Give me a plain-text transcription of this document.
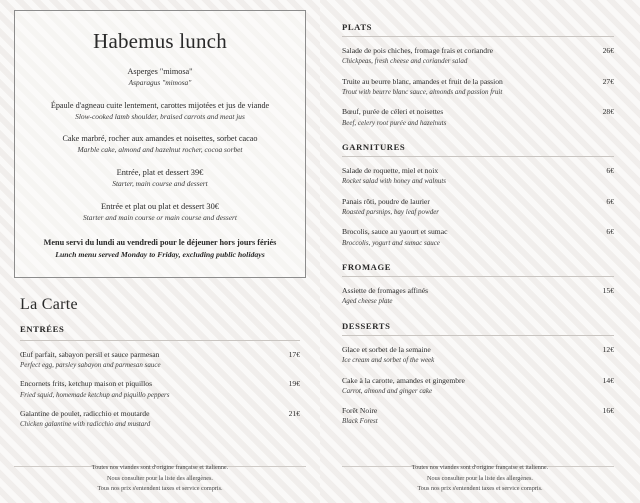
Habemus lunch

Asperges "mimosa"

Asparagus "mimosa"

Épaule d'agneau cuite lentement, carottes mijotées et jus de viande

Slow-cooked lamb shoulder, braised carrots and meat jus

Cake marbré, rocher aux amandes et noisettes, sorbet cacao

Marble cake, almond and hazelnut rocher, cocoa sorbet

Entrée, plat et dessert 39€

Starter, main course and dessert

Entrée et plat ou plat et dessert 30€

Starter and main course or main course and dessert

Menu servi du lundi au vendredi pour le déjeuner hors jours fériés
Lunch menu served Monday to Friday, excluding public holidays
La Carte
ENTRÉES
Œuf parfait, sabayon persil et sauce parmesan	17€
Perfect egg, parsley sabayon and parmesan sauce
Encornets frits, ketchup maison et piquillos	19€
Fried squid, homemade ketchup and piquillo peppers
Galantine de poulet, radicchio et moutarde	21€
Chicken galantine with radicchio and mustard
Toutes nos viandes sont d'origine française et italienne.
Nous consulter pour la liste des allergènes.
Tous nos prix s'entendent taxes et service compris.
PLATS
Salade de pois chiches, fromage frais et coriandre	26€
Chickpeas, fresh cheese and coriander salad
Truite au beurre blanc, amandes et fruit de la passion	27€
Trout with beurre blanc sauce, almonds and passion fruit
Bœuf, purée de céleri et noisettes	28€
Beef, celery root purée and hazelnuts
GARNITURES
Salade de roquette, miel et noix	6€
Rocket salad with honey and walnuts
Panais rôti, poudre de laurier	6€
Roasted parsnips, bay leaf powder
Brocolis, sauce au yaourt et sumac	6€
Broccolis, yogurt and sumac sauce
FROMAGE
Assiette de fromages affinés	15€
Aged cheese plate
DESSERTS
Glace et sorbet de la semaine	12€
Ice cream and sorbet of the week
Cake à la carotte, amandes et gingembre	14€
Carrot, almond and ginger cake
Forêt Noire	16€
Black Forest
Toutes nos viandes sont d'origine française et italienne.
Nous consulter pour la liste des allergènes.
Tous nos prix s'entendent taxes et service compris.
